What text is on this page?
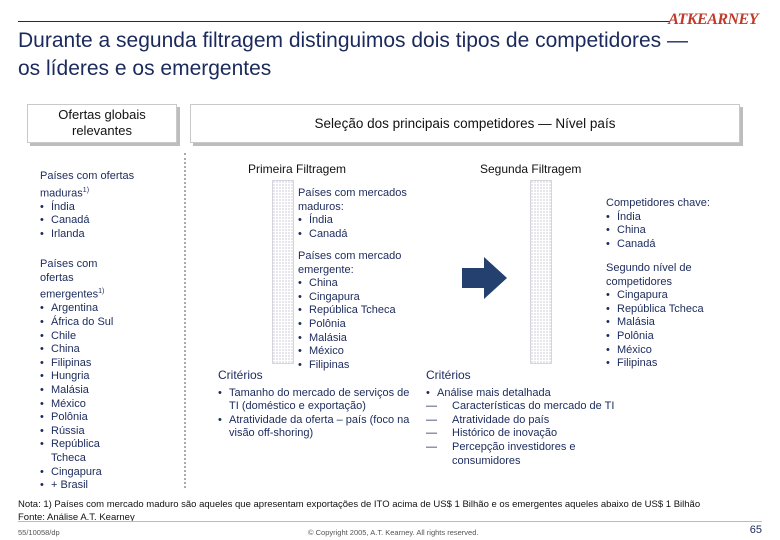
ATKEARNEY
Durante a segunda filtragem distinguimos dois tipos de competidores — os líderes e os emergentes
Ofertas globais relevantes	Seleção dos principais competidores — Nível país
Países com ofertas maduras$^{1)}$
• Índia
• Canadá
• Irlanda
Países com ofertas emergentes$^{1)}$
• Argentina
• África do Sul
• Chile
• China
• Filipinas
• Hungria
• Malásia
• México
• Polônia
• Rússia
• República Tcheca
• Cingapura
• + Brasil
Primeira Filtragem	Segunda Filtragem
Países com mercados maduros:
• Índia
• Canadá
Países com mercado emergente:
• China
• Cingapura
• República Tcheca
• Polônia
• Malásia
• México
• Filipinas
Competidores chave:
• Índia
• China
• Canadá
Segundo nível de competidores
• Cingapura
• República Tcheca
• Malásia
• Polônia
• México
• Filipinas
Critérios
• Tamanho do mercado de serviços de TI (doméstico e exportação)
• Atratividade da oferta – país (foco na visão off-shoring)
Critérios
• Análise mais detalhada
— Características do mercado de TI
— Atratividade do país
— Histórico de inovação
— Percepção investidores e consumidores
Nota: 1) Países com mercado maduro são aqueles que apresentam exportações de ITO acima de US$ 1 Bilhão e os emergentes aqueles abaixo de US$ 1 Bilhão
Fonte: Análise A.T. Kearney
55/10058/dp	© Copyright 2005, A.T. Kearney. All rights reserved.	65
